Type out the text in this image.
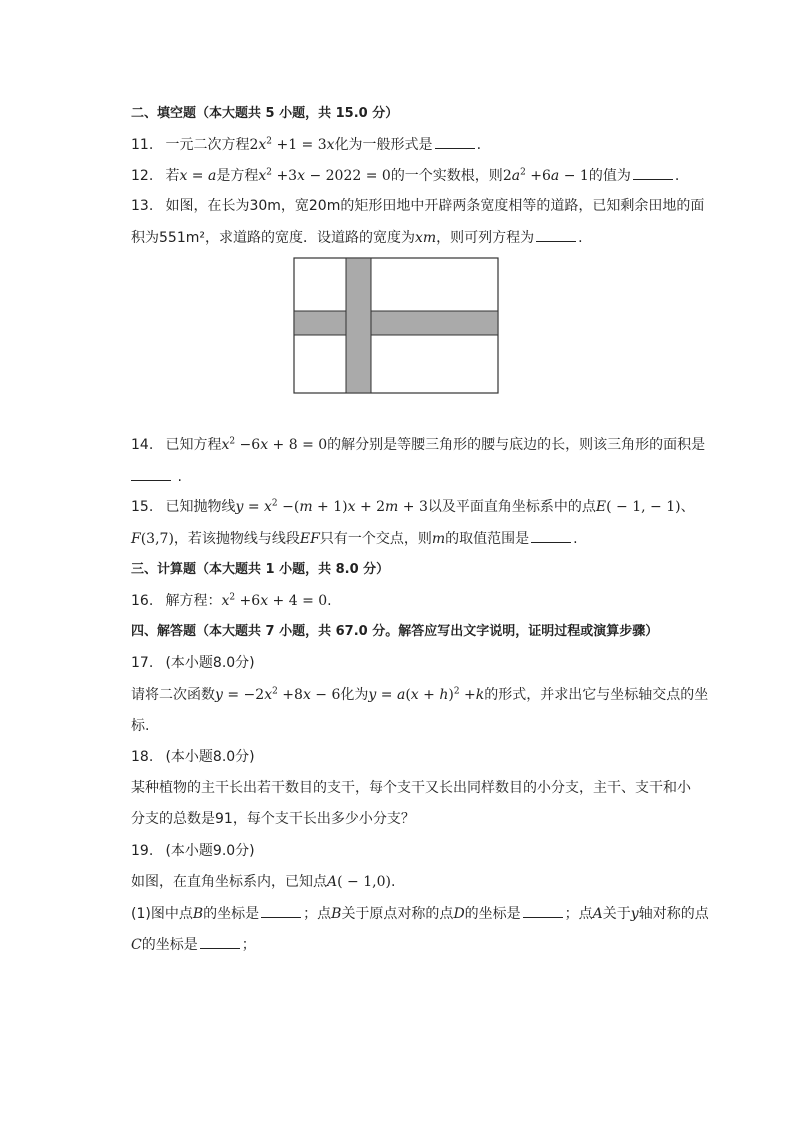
二、填空题（本大题共 5 小题，共 15.0 分）
11. 一元二次方程$2x^2 +1 = 3x$化为一般形式是	.
12. 若x = a是方程$x^2 +3x - 2022 = 0$的一个实数根，则$2a^2 +6a - 1$的值为	.
13. 如图，在长为30m，宽20m的矩形田地中开辟两条宽度相等的道路，已知剩余田地的面
积为551m²，求道路的宽度．设道路的宽度为xm，则可列方程为	.
14. 已知方程$x^2 -6x + 8 = 0$的解分别是等腰三角形的腰与底边的长，则该三角形的面积是
.
15. 已知抛物线$y = x^2 -(m + 1)x + 2m + 3$以及平面直角坐标系中的点E( − 1, − 1)、
F(3,7)，若该抛物线与线段EF只有一个交点，则m的取值范围是	.
三、计算题（本大题共 1 小题，共 8.0 分）
16. 解方程：$x^2 +6x + 4 = 0$.
四、解答题（本大题共 7 小题，共 67.0 分。解答应写出文字说明，证明过程或演算步骤）
17. (本小题8.0分)
请将二次函数$y = -2x^2 +8x - 6$化为$y = a(x + h)^2 +k$的形式，并求出它与坐标轴交点的坐
标.
18. (本小题8.0分)
某种植物的主干长出若干数目的支干，每个支干又长出同样数目的小分支，主干、支干和小
分支的总数是91，每个支干长出多少小分支？
19. (本小题9.0分)
如图，在直角坐标系内，已知点A( − 1,0).
(1)图中点B的坐标是	；点B关于原点对称的点D的坐标是	；点A关于y轴对称的点
C的坐标是	；
